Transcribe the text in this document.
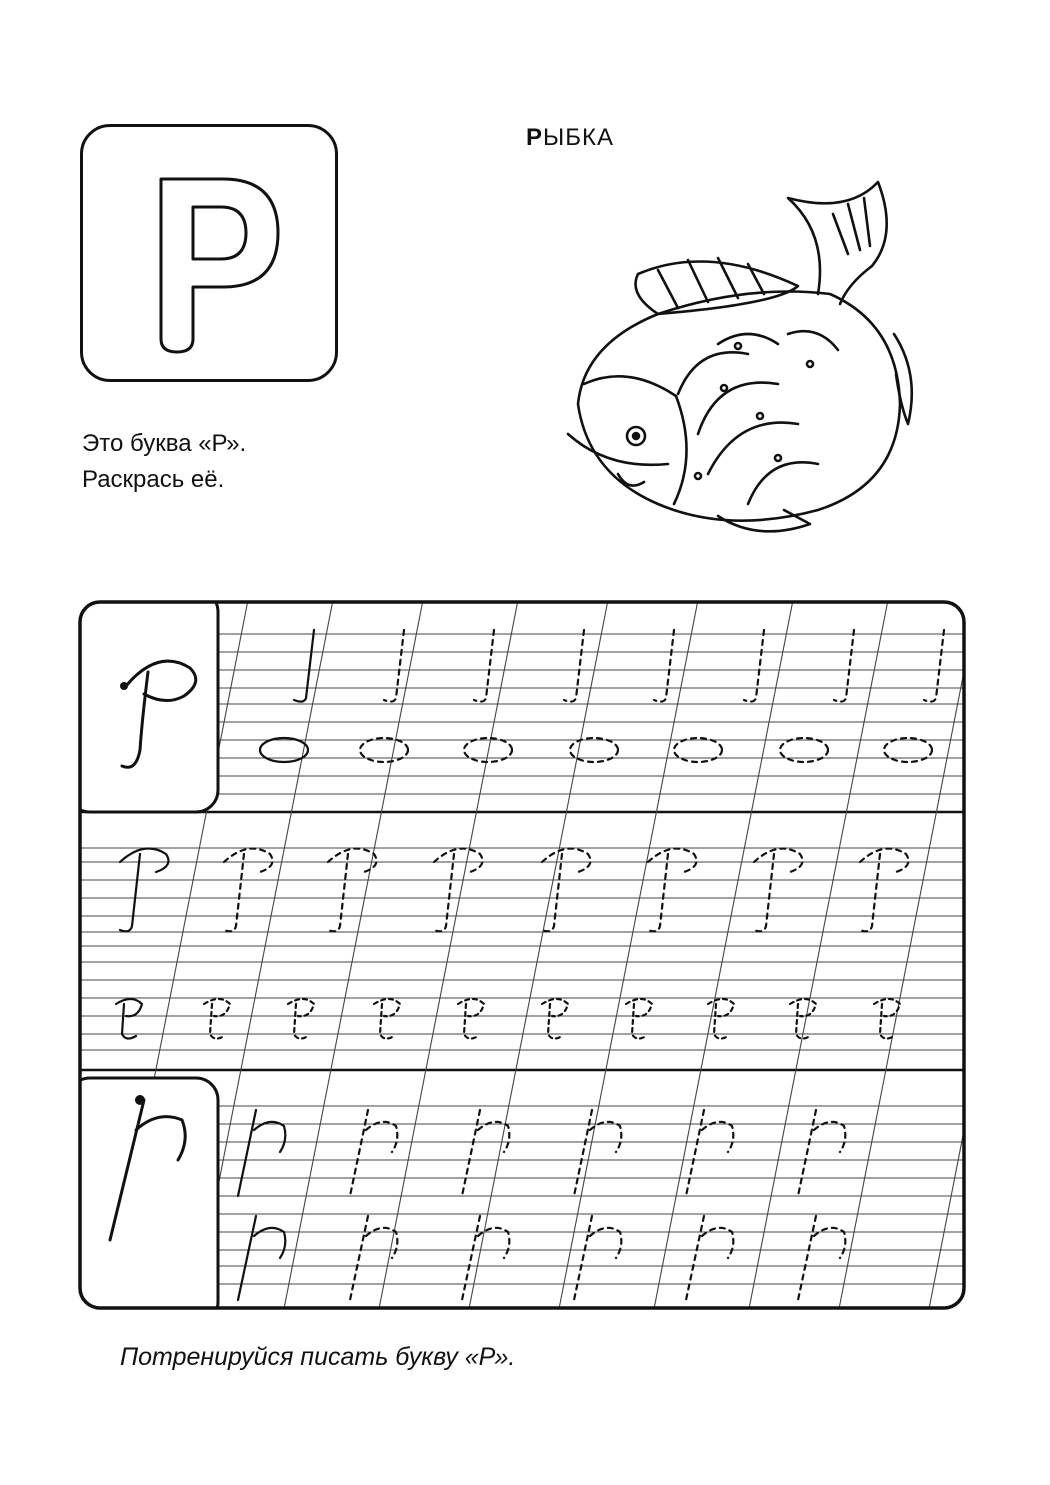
РЫБКА
Это буква «Р».
Раскрась её.
Потренируйся писать букву «Р».
